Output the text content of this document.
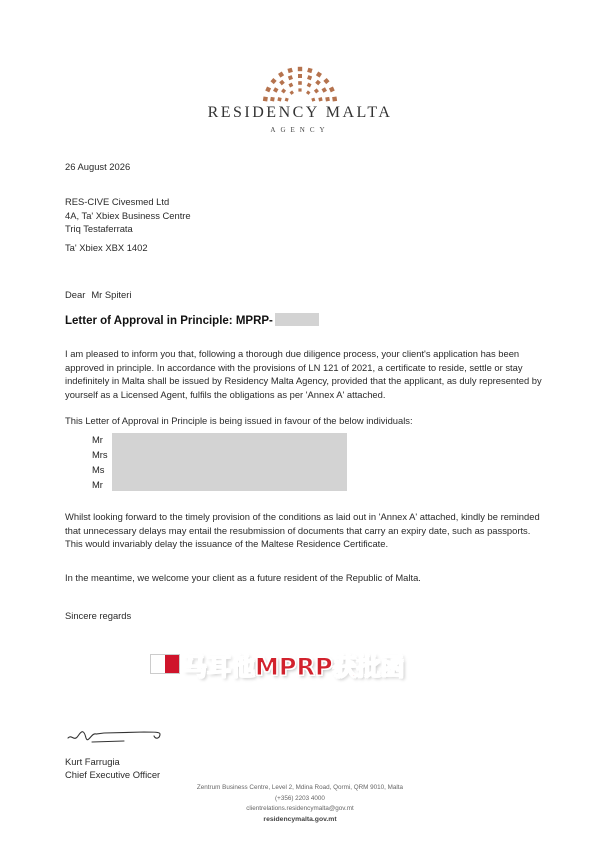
RESIDENCY MALTA
AGENCY
26 August 2026
RES-CIVE Civesmed Ltd
4A, Ta' Xbiex Business Centre
Triq Testaferrata
Ta' Xbiex XBX 1402
Dear Mr Spiteri
Letter of Approval in Principle: MPRP-
I am pleased to inform you that, following a thorough due diligence process, your client's application has been approved in principle. In accordance with the provisions of LN 121 of 2021, a certificate to reside, settle or stay indefinitely in Malta shall be issued by Residency Malta Agency, provided that the applicant, as duly represented by yourself as a Licensed Agent, fulfils the obligations as per 'Annex A' attached.
This Letter of Approval in Principle is being issued in favour of the below individuals:
Mr
Mrs
Ms
Mr
Whilst looking forward to the timely provision of the conditions as laid out in 'Annex A' attached, kindly be reminded that unnecessary delays may entail the resubmission of documents that carry an expiry date, such as passports. This would invariably delay the issuance of the Maltese Residence Certificate.
In the meantime, we welcome your client as a future resident of the Republic of Malta.
Sincere regards
马耳他MPRP获批函
Kurt Farrugia
Chief Executive Officer
Zentrum Business Centre, Level 2, Mdina Road, Qormi, QRM 9010, Malta
(+356) 2203 4000
clientrelations.residencymalta@gov.mt
residencymalta.gov.mt
